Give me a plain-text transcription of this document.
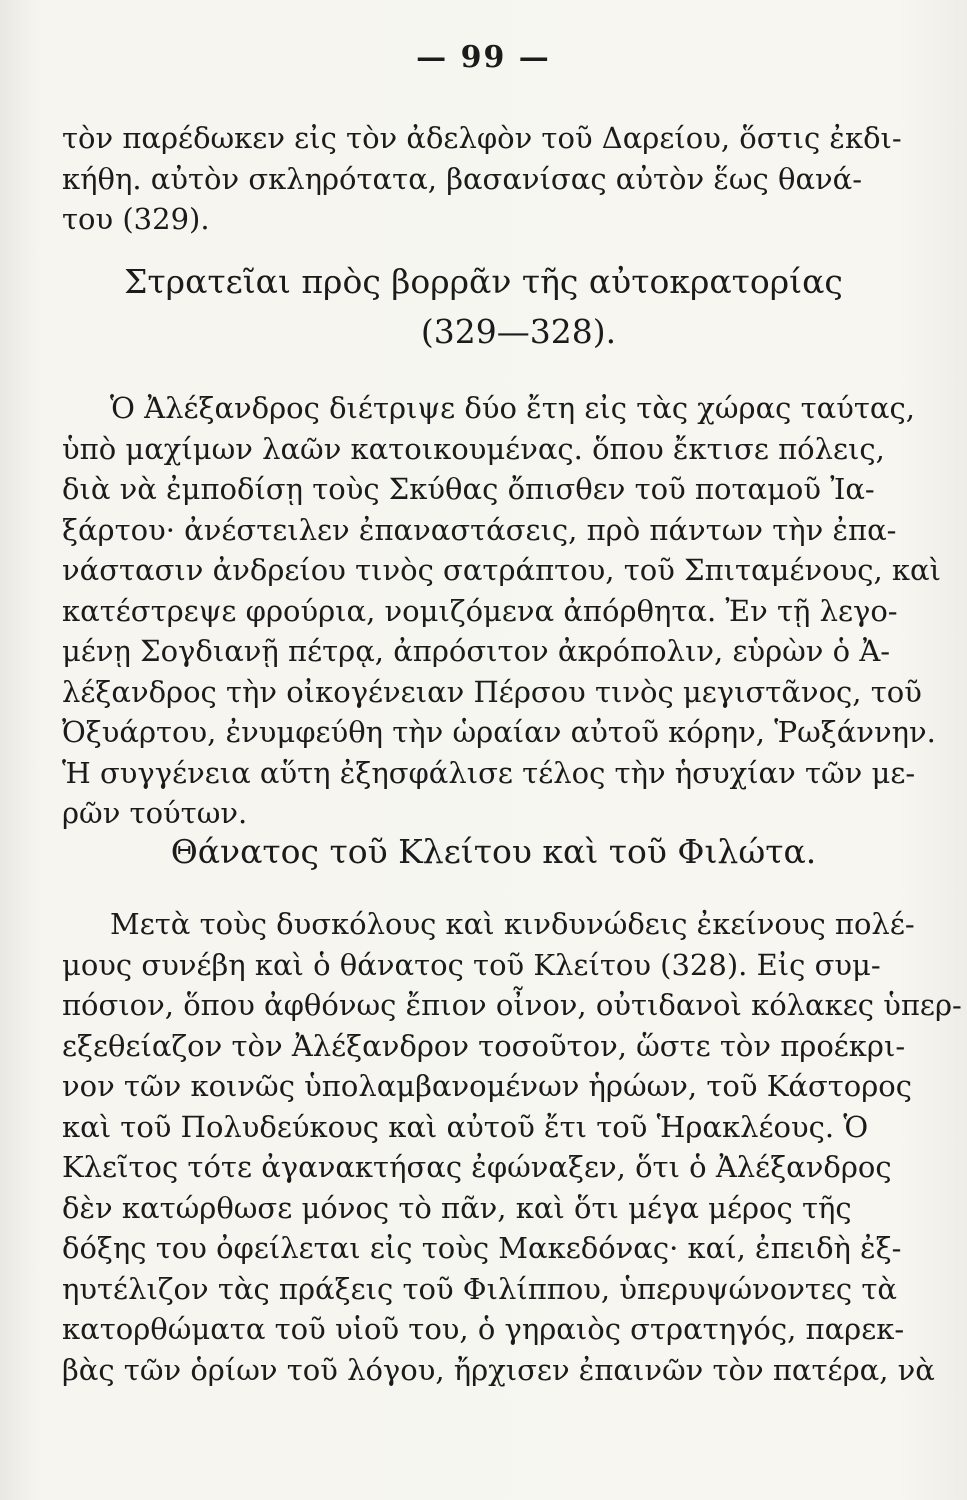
— 99 —
τὸν παρέδωκεν εἰς τὸν ἀδελφὸν τοῦ Δαρείου, ὅστις ἐκδι-
κήθη. αὐτὸν σκληρότατα, βασανίσας αὐτὸν ἕως θανά-
του (329).
Στρατεῖαι πρὸς βορρᾶν τῆς αὐτοκρατορίας
(329—328).
Ὁ Ἀλέξανδρος διέτριψε δύο ἔτη εἰς τὰς χώρας ταύτας,
ὑπὸ μαχίμων λαῶν κατοικουμένας. ὅπου ἔκτισε πόλεις,
διὰ νὰ ἐμποδίσῃ τοὺς Σκύθας ὄπισθεν τοῦ ποταμοῦ Ἰα-
ξάρτου· ἀνέστειλεν ἐπαναστάσεις, πρὸ πάντων τὴν ἐπα-
νάστασιν ἀνδρείου τινὸς σατράπτου, τοῦ Σπιταμένους, καὶ
κατέστρεψε φρούρια, νομιζόμενα ἀπόρθητα. Ἐν τῇ λεγο-
μένῃ Σογδιανῇ πέτρᾳ, ἀπρόσιτον ἀκρόπολιν, εὑρὼν ὁ Ἀ-
λέξανδρος τὴν οἰκογένειαν Πέρσου τινὸς μεγιστᾶνος, τοῦ
Ὀξυάρτου, ἐνυμφεύθη τὴν ὡραίαν αὐτοῦ κόρην, Ῥωξάννην.
Ἡ συγγένεια αὕτη ἐξησφάλισε τέλος τὴν ἡσυχίαν τῶν με-
ρῶν τούτων.
Θάνατος τοῦ Κλείτου καὶ τοῦ Φιλώτα.
Μετὰ τοὺς δυσκόλους καὶ κινδυνώδεις ἐκείνους πολέ-
μους συνέβη καὶ ὁ θάνατος τοῦ Κλείτου (328). Εἰς συμ-
πόσιον, ὅπου ἀφθόνως ἔπιον οἶνον, οὐτιδανοὶ κόλακες ὑπερ-
εξεθείαζον τὸν Ἀλέξανδρον τοσοῦτον, ὥστε τὸν προέκρι-
νον τῶν κοινῶς ὑπολαμβανομένων ἡρώων, τοῦ Κάστορος
καὶ τοῦ Πολυδεύκους καὶ αὐτοῦ ἔτι τοῦ Ἡρακλέους. Ὁ
Κλεῖτος τότε ἀγανακτήσας ἐφώναξεν, ὅτι ὁ Ἀλέξανδρος
δὲν κατώρθωσε μόνος τὸ πᾶν, καὶ ὅτι μέγα μέρος τῆς
δόξης του ὀφείλεται εἰς τοὺς Μακεδόνας· καί, ἐπειδὴ ἐξ-
ηυτέλιζον τὰς πράξεις τοῦ Φιλίππου, ὑπερυψώνοντες τὰ
κατορθώματα τοῦ υἱοῦ του, ὁ γηραιὸς στρατηγός, παρεκ-
βὰς τῶν ὁρίων τοῦ λόγου, ἤρχισεν ἐπαινῶν τὸν πατέρα, νὰ
